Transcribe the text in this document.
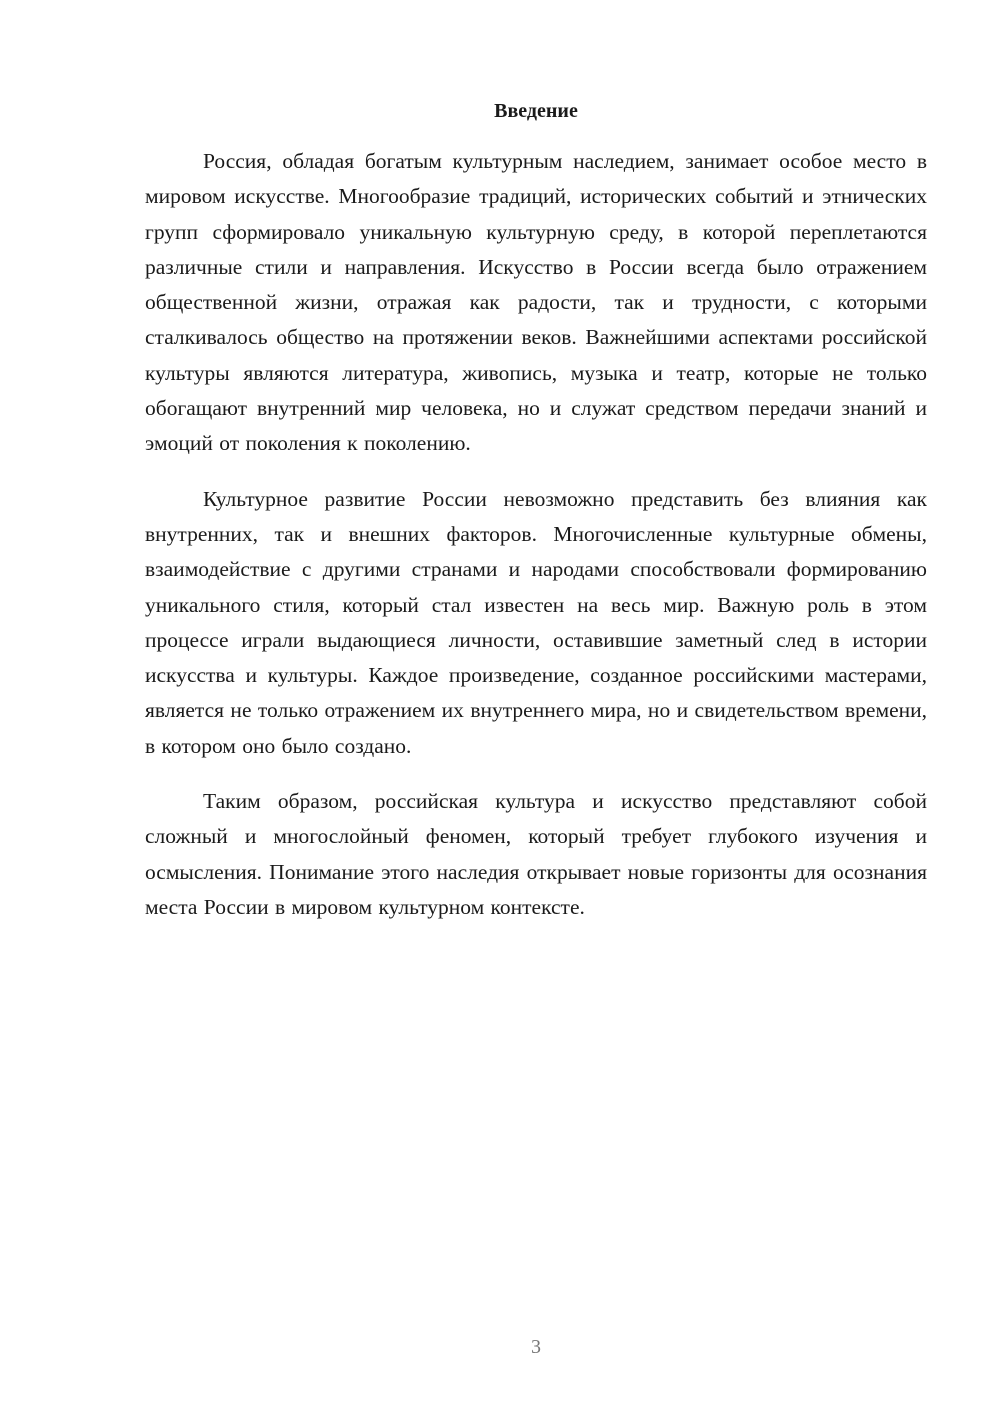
Введение

Россия, обладая богатым культурным наследием, занимает особое место в мировом искусстве. Многообразие традиций, исторических событий и этнических групп сформировало уникальную культурную среду, в которой переплетаются различные стили и направления. Искусство в России всегда было отражением общественной жизни, отражая как радости, так и трудности, с которыми сталкивалось общество на протяжении веков. Важнейшими аспектами российской культуры являются литература, живопись, музыка и театр, которые не только обогащают внутренний мир человека, но и служат средством передачи знаний и эмоций от поколения к поколению.

Культурное развитие России невозможно представить без влияния как внутренних, так и внешних факторов. Многочисленные культурные обмены, взаимодействие с другими странами и народами способствовали формированию уникального стиля, который стал известен на весь мир. Важную роль в этом процессе играли выдающиеся личности, оставившие заметный след в истории искусства и культуры. Каждое произведение, созданное российскими мастерами, является не только отражением их внутреннего мира, но и свидетельством времени, в котором оно было создано.

Таким образом, российская культура и искусство представляют собой сложный и многослойный феномен, который требует глубокого изучения и осмысления. Понимание этого наследия открывает новые горизонты для осознания места России в мировом культурном контексте.

3
